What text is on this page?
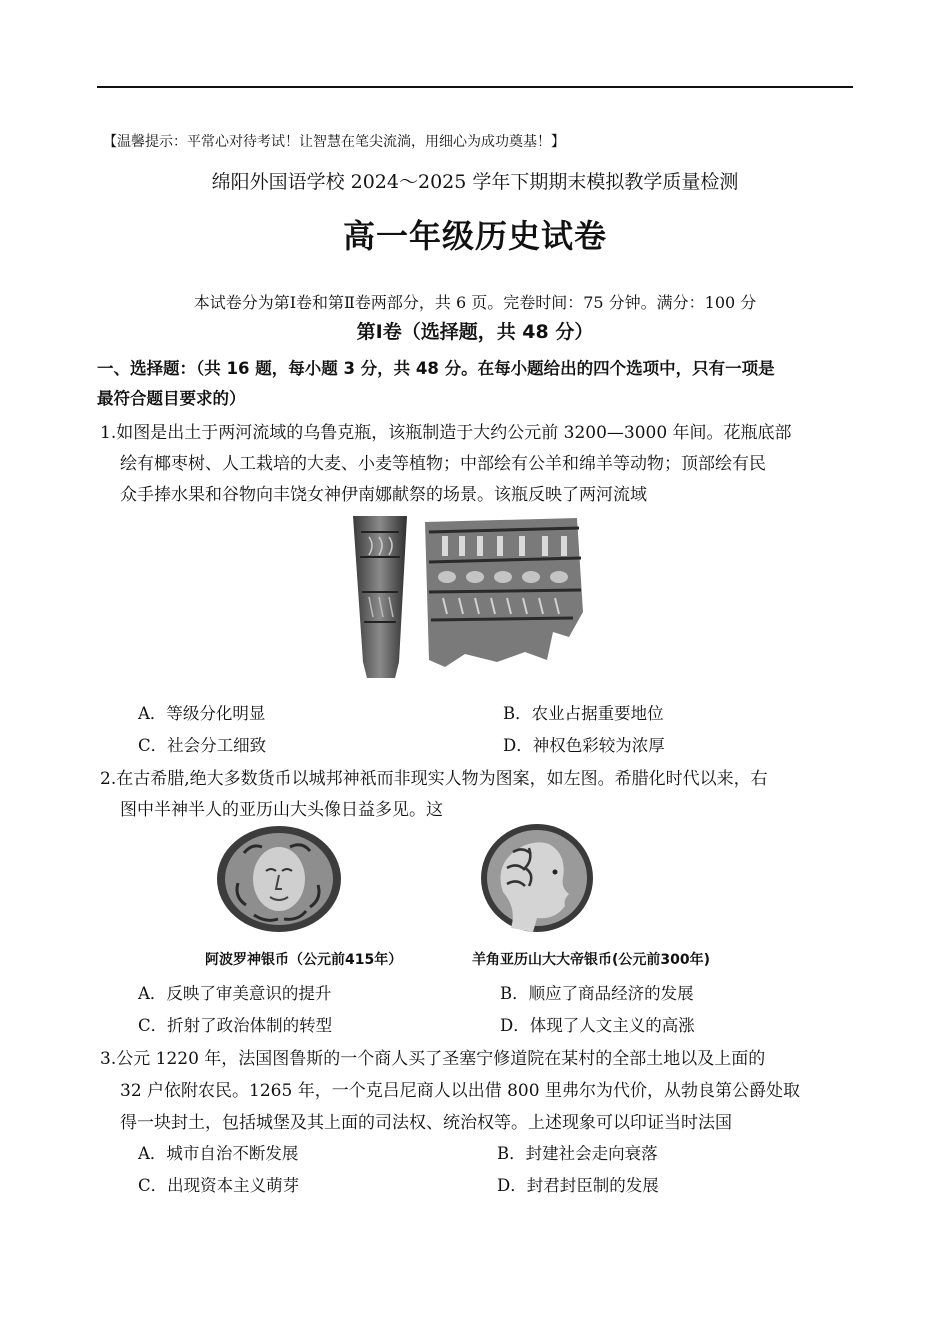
【温馨提示：平常心对待考试！让智慧在笔尖流淌，用细心为成功奠基！】
绵阳外国语学校 2024～2025 学年下期期末模拟教学质量检测
高一年级历史试卷
本试卷分为第Ⅰ卷和第Ⅱ卷两部分，共 6 页。完卷时间：75 分钟。满分：100 分
第Ⅰ卷（选择题，共 48 分）
一、选择题：（共 16 题，每小题 3 分，共 48 分。在每小题给出的四个选项中，只有一项是
最符合题目要求的）
1.如图是出土于两河流域的乌鲁克瓶，该瓶制造于大约公元前 3200—3000 年间。花瓶底部
绘有椰枣树、人工栽培的大麦、小麦等植物；中部绘有公羊和绵羊等动物；顶部绘有民
众手捧水果和谷物向丰饶女神伊南娜献祭的场景。该瓶反映了两河流域
A．等级分化明显	B．农业占据重要地位
C．社会分工细致	D．神权色彩较为浓厚
2.在古希腊,绝大多数货币以城邦神祇而非现实人物为图案，如左图。希腊化时代以来，右
图中半神半人的亚历山大头像日益多见。这
阿波罗神银币（公元前415年）	羊角亚历山大大帝银币(公元前300年)
A．反映了审美意识的提升	B．顺应了商品经济的发展
C．折射了政治体制的转型	D．体现了人文主义的高涨
3.公元 1220 年，法国图鲁斯的一个商人买了圣塞宁修道院在某村的全部土地以及上面的
32 户依附农民。1265 年，一个克吕尼商人以出借 800 里弗尔为代价，从勃良第公爵处取
得一块封土，包括城堡及其上面的司法权、统治权等。上述现象可以印证当时法国
A．城市自治不断发展	B．封建社会走向衰落
C．出现资本主义萌芽	D．封君封臣制的发展
